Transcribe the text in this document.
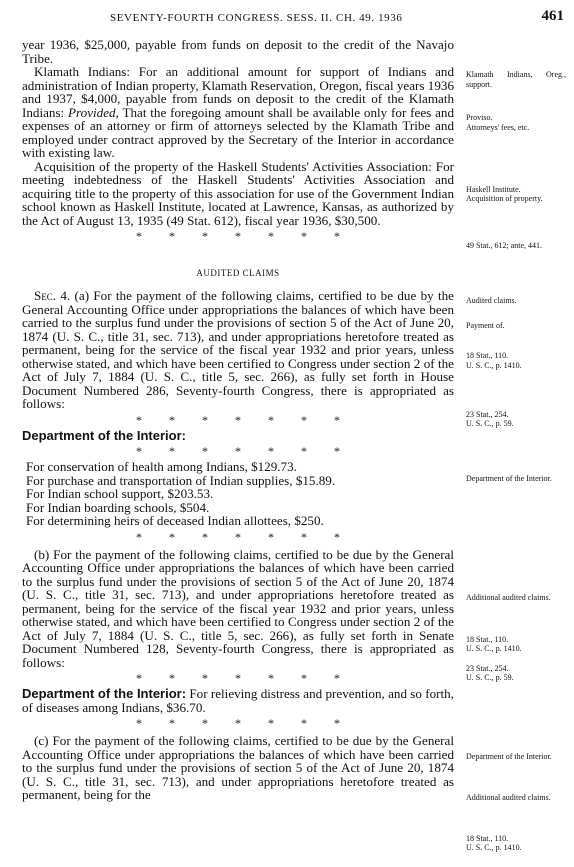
SEVENTY-FOURTH CONGRESS. SESS. II. CH. 49. 1936	461

year 1936, $25,000, payable from funds on deposit to the credit of the Navajo Tribe.

Klamath Indians: For an additional amount for support of Indians and administration of Indian property, Klamath Reservation, Oregon, fiscal years 1936 and 1937, $4,000, payable from funds on deposit to the credit of the Klamath Indians: Provided, That the foregoing amount shall be available only for fees and expenses of an attorney or firm of attorneys selected by the Klamath Tribe and employed under contract approved by the Secretary of the Interior in accordance with existing law.

Acquisition of the property of the Haskell Students' Activities Association: For meeting indebtedness of the Haskell Students' Activities Association and acquiring title to the property of this association for use of the Government Indian school known as Haskell Institute, located at Lawrence, Kansas, as authorized by the Act of August 13, 1935 (49 Stat. 612), fiscal year 1936, $30,500.

*         *         *         *         *         *         *
AUDITED CLAIMS

Sec. 4. (a) For the payment of the following claims, certified to be due by the General Accounting Office under appropriations the balances of which have been carried to the surplus fund under the provisions of section 5 of the Act of June 20, 1874 (U. S. C., title 31, sec. 713), and under appropriations heretofore treated as permanent, being for the service of the fiscal year 1932 and prior years, unless otherwise stated, and which have been certified to Congress under section 2 of the Act of July 7, 1884 (U. S. C., title 5, sec. 266), as fully set forth in House Document Numbered 286, Seventy-fourth Congress, there is appropriated as follows:

*         *         *         *         *         *         *

Department of the Interior:

*         *         *         *         *         *         *

For conservation of health among Indians, $129.73.

For purchase and transportation of Indian supplies, $15.89.

For Indian school support, $203.53.

For Indian boarding schools, $504.

For determining heirs of deceased Indian allottees, $250.

*         *         *         *         *         *         *

(b) For the payment of the following claims, certified to be due by the General Accounting Office under appropriations the balances of which have been carried to the surplus fund under the provisions of section 5 of the Act of June 20, 1874 (U. S. C., title 31, sec. 713), and under appropriations heretofore treated as permanent, being for the service of the fiscal year 1932 and prior years, unless otherwise stated, and which have been certified to Congress under section 2 of the Act of July 7, 1884 (U. S. C., title 5, sec. 266), as fully set forth in Senate Document Numbered 128, Seventy-fourth Congress, there is appropriated as follows:

*         *         *         *         *         *         *

Department of the Interior: For relieving distress and prevention, and so forth, of diseases among Indians, $36.70.

*         *         *         *         *         *         *

(c) For the payment of the following claims, certified to be due by the General Accounting Office under appropriations the balances of which have been carried to the surplus fund under the provisions of section 5 of the Act of June 20, 1874 (U. S. C., title 31, sec. 713), and under appropriations heretofore treated as permanent, being for the

Klamath Indians, Oreg., support.
Proviso.
Attorneys' fees, etc.
Haskell Institute.
Acquisition of property.
49 Stat., 612; ante, 441.
Audited claims.
Payment of.
18 Stat., 110.
U. S. C., p. 1410.
23 Stat., 254.
U. S. C., p. 59.
Department of the Interior.
Additional audited claims.
18 Stat., 110.
U. S. C., p. 1410.
23 Stat., 254.
U. S. C., p. 59.
Department of the Interior.
Additional audited claims.
18 Stat., 110.
U. S. C., p. 1410.
